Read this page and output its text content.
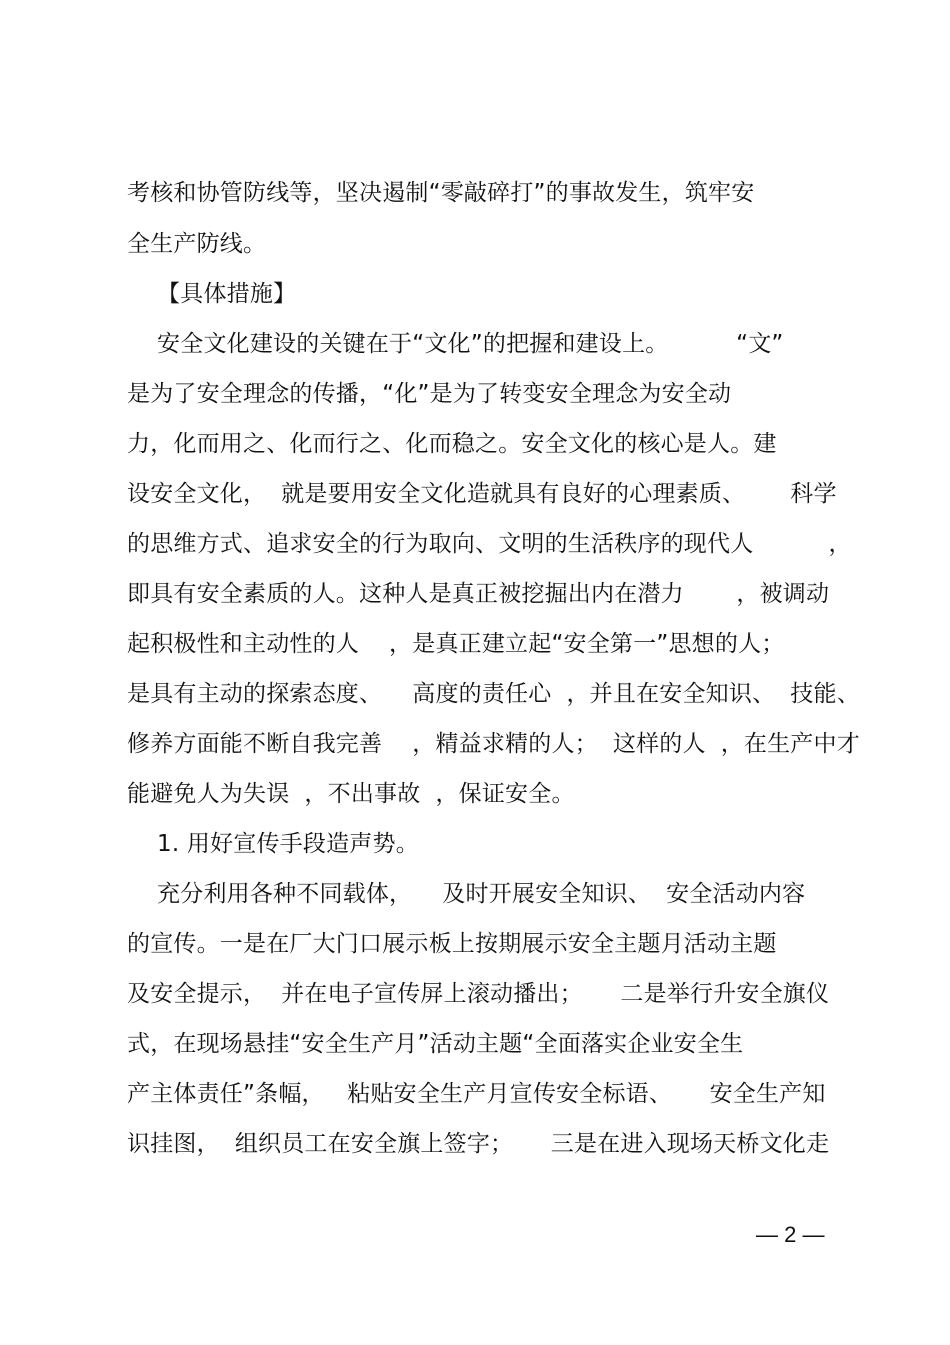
考核和协管防线等，坚决遏制“零敲碎打”的事故发生，筑牢安
全生产防线。
【具体措施】
安全文化建设的关键在于“文化”的把握和建设上。         “文”
是为了安全理念的传播，“化”是为了转变安全理念为安全动
力，化而用之、化而行之、化而稳之。安全文化的核心是人。建
设安全文化，  就是要用安全文化造就具有良好的心理素质、      科学
的思维方式、追求安全的行为取向、文明的生活秩序的现代人          ，
即具有安全素质的人。这种人是真正被挖掘出内在潜力       ，被调动
起积极性和主动性的人    ，是真正建立起“安全第一”思想的人；
是具有主动的探索态度、    高度的责任心  ，并且在安全知识、  技能、
修养方面能不断自我完善    ，精益求精的人；  这样的人  ，在生产中才
能避免人为失误  ，不出事故  ，保证安全。
1. 用好宣传手段造声势。
充分利用各种不同载体，    及时开展安全知识、  安全活动内容
的宣传。一是在厂大门口展示板上按期展示安全主题月活动主题
及安全提示，  并在电子宣传屏上滚动播出；     二是举行升安全旗仪
式，在现场悬挂“安全生产月”活动主题“全面落实企业安全生
产主体责任”条幅，   粘贴安全生产月宣传安全标语、     安全生产知
识挂图，  组织员工在安全旗上签字；     三是在进入现场天桥文化走
— 2 —
